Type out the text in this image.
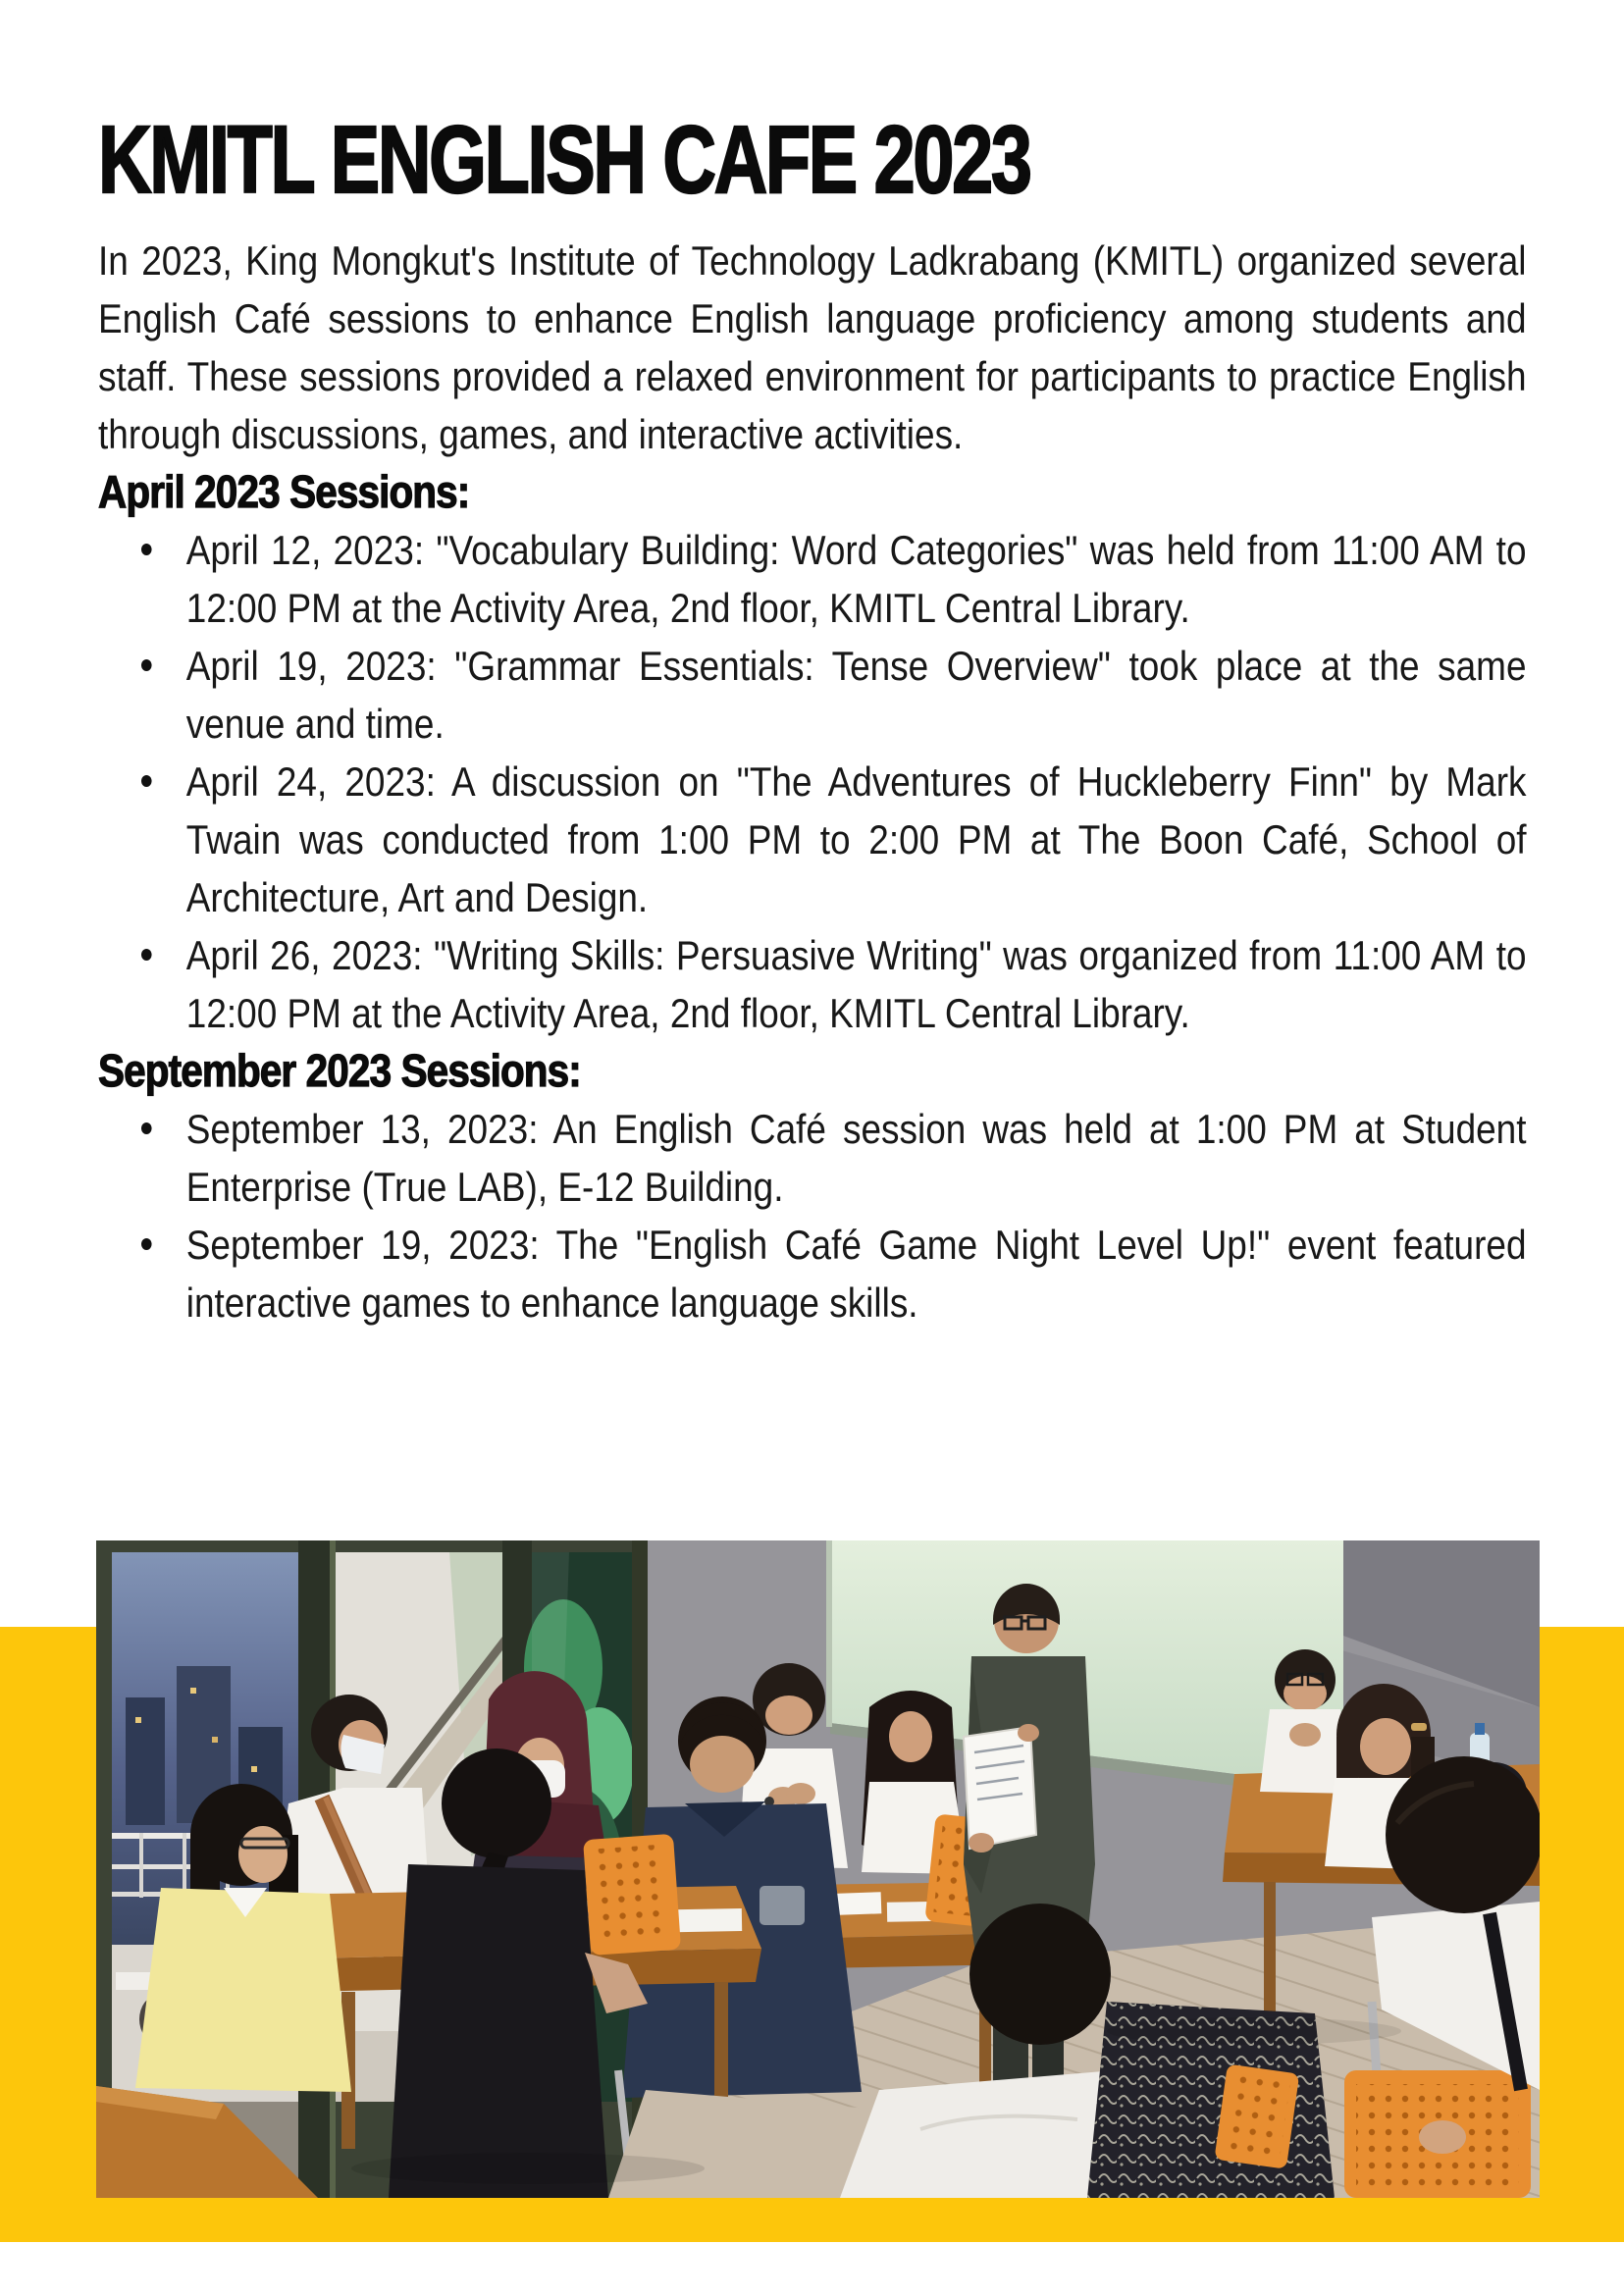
KMITL ENGLISH CAFE 2023

In 2023, King Mongkut's Institute of Technology Ladkrabang (KMITL) organized several English Café sessions to enhance English language proficiency among students and staff. These sessions provided a relaxed environment for participants to practice English through discussions, games, and interactive activities.

April 2023 Sessions:
April 12, 2023: "Vocabulary Building: Word Categories" was held from 11:00 AM to 12:00 PM at the Activity Area, 2nd floor, KMITL Central Library.
April 19, 2023: "Grammar Essentials: Tense Overview" took place at the same venue and time.
April 24, 2023: A discussion on "The Adventures of Huckleberry Finn" by Mark Twain was conducted from 1:00 PM to 2:00 PM at The Boon Café, School of Architecture, Art and Design.
April 26, 2023: "Writing Skills: Persuasive Writing" was organized from 11:00 AM to 12:00 PM at the Activity Area, 2nd floor, KMITL Central Library.
September 2023 Sessions:
September 13, 2023: An English Café session was held at 1:00 PM at Student Enterprise (True LAB), E-12 Building.
September 19, 2023: The "English Café Game Night Level Up!" event featured interactive games to enhance language skills.
